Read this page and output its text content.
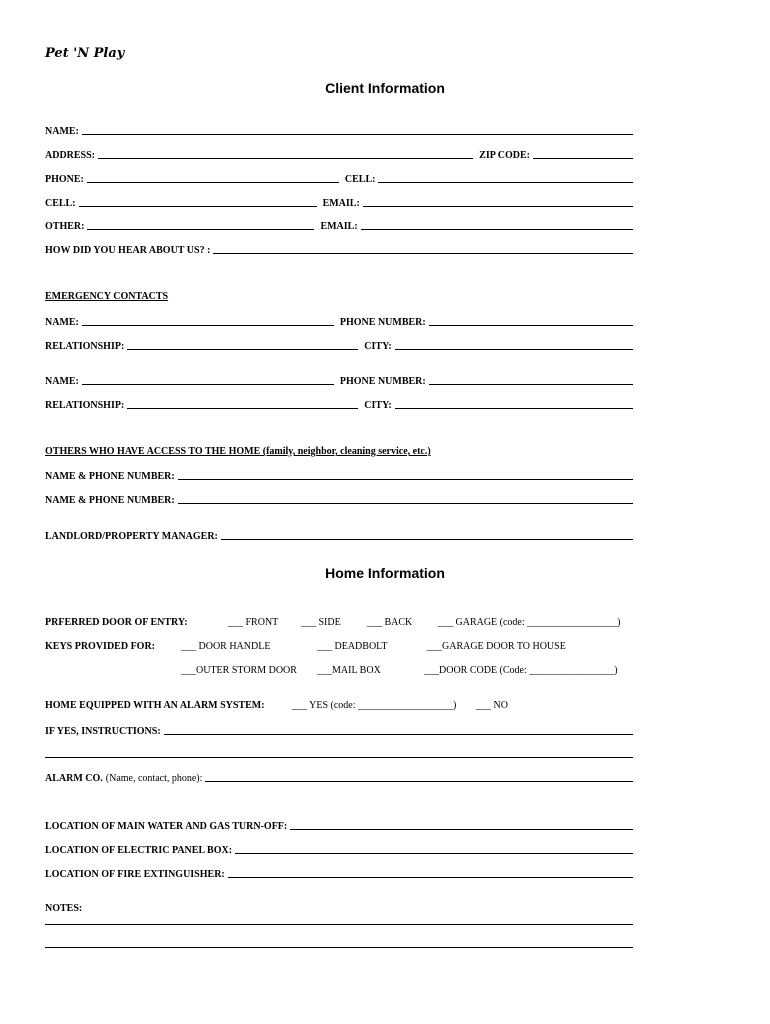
Pet 'N Play
Client Information
NAME:
ADDRESS:	ZIP CODE:
PHONE:	CELL:
CELL:	EMAIL:
OTHER:	EMAIL:
HOW DID YOU HEAR ABOUT US? :
EMERGENCY CONTACTS
NAME:	PHONE NUMBER:
RELATIONSHIP:	CITY:
NAME:	PHONE NUMBER:
RELATIONSHIP:	CITY:
OTHERS WHO HAVE ACCESS TO THE HOME (family, neighbor, cleaning service, etc.)
NAME & PHONE NUMBER:
NAME & PHONE NUMBER:
LANDLORD/PROPERTY MANAGER:
Home Information
PRFERRED DOOR OF ENTRY:	___ FRONT ___ SIDE	___ BACK	___ GARAGE (code: __________________)
KEYS PROVIDED FOR:	___ DOOR HANDLE	___ DEADBOLT	___GARAGE DOOR TO HOUSE
___OUTER STORM DOOR ___MAIL BOX	___DOOR CODE (Code: _________________)
HOME EQUIPPED WITH AN ALARM SYSTEM:	___ YES (code: ___________________) ___ NO
IF YES, INSTRUCTIONS:
ALARM CO. (Name, contact, phone):
LOCATION OF MAIN WATER AND GAS TURN-OFF:
LOCATION OF ELECTRIC PANEL BOX:
LOCATION OF FIRE EXTINGUISHER:
NOTES:
